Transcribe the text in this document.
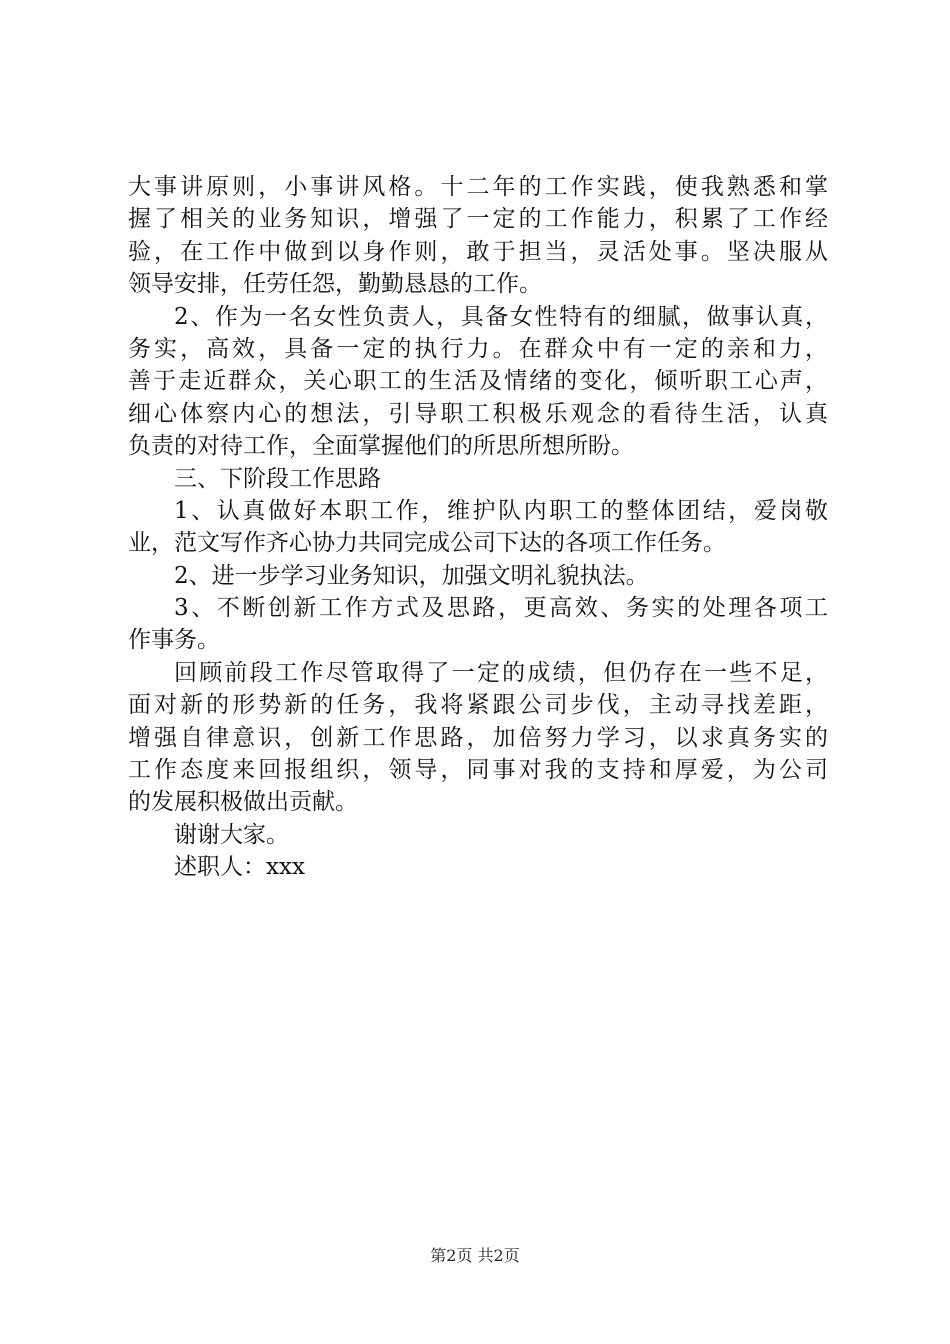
大事讲原则，小事讲风格。十二年的工作实践，使我熟悉和掌
握了相关的业务知识，增强了一定的工作能力，积累了工作经
验，在工作中做到以身作则，敢于担当，灵活处事。坚决服从
领导安排，任劳任怨，勤勤恳恳的工作。
2、作为一名女性负责人，具备女性特有的细腻，做事认真，
务实，高效，具备一定的执行力。在群众中有一定的亲和力，
善于走近群众，关心职工的生活及情绪的变化，倾听职工心声，
细心体察内心的想法，引导职工积极乐观念的看待生活，认真
负责的对待工作，全面掌握他们的所思所想所盼。
三、下阶段工作思路
1、认真做好本职工作，维护队内职工的整体团结，爱岗敬
业，范文写作齐心协力共同完成公司下达的各项工作任务。
2、进一步学习业务知识，加强文明礼貌执法。
3、不断创新工作方式及思路，更高效、务实的处理各项工
作事务。
回顾前段工作尽管取得了一定的成绩，但仍存在一些不足，
面对新的形势新的任务，我将紧跟公司步伐，主动寻找差距，
增强自律意识，创新工作思路，加倍努力学习，以求真务实的
工作态度来回报组织，领导，同事对我的支持和厚爱，为公司
的发展积极做出贡献。
谢谢大家。
述职人：xxx
第2页 共2页
